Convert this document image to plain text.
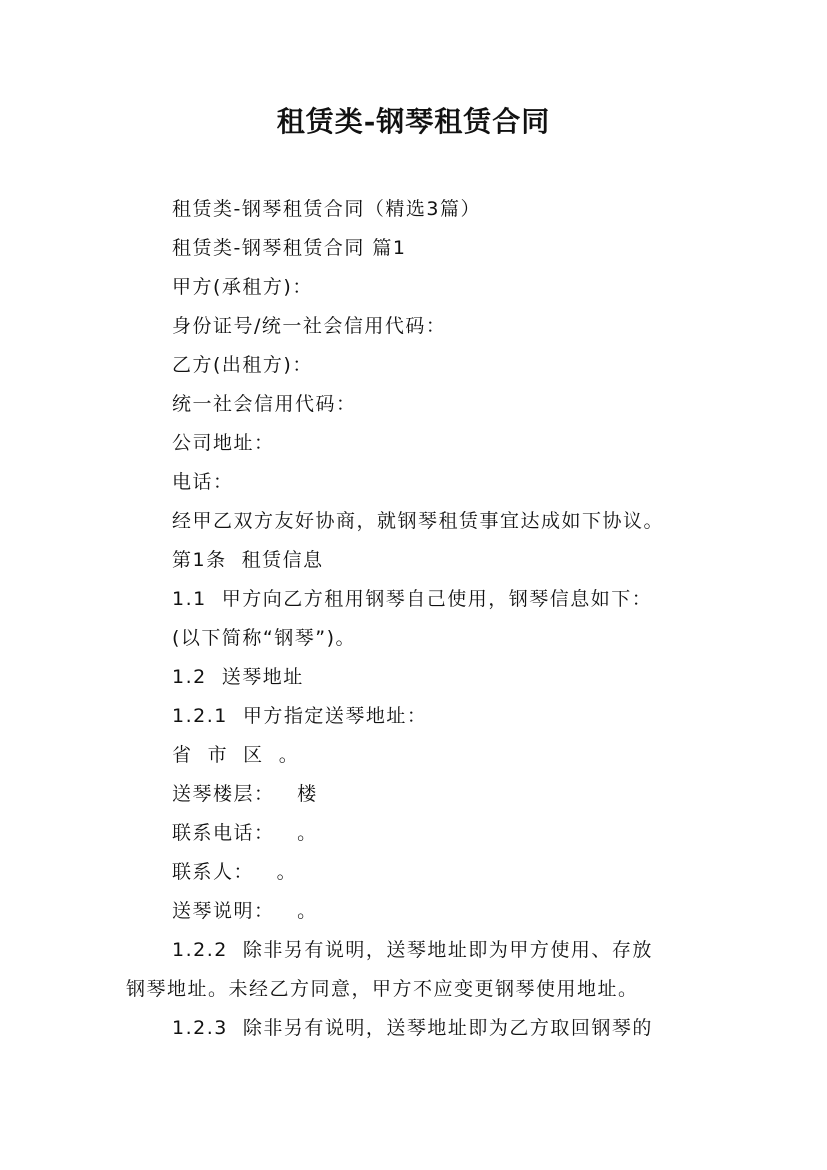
租赁类-钢琴租赁合同
租赁类-钢琴租赁合同（精选3篇）
租赁类-钢琴租赁合同 篇1
甲方(承租方)：
身份证号/统一社会信用代码：
乙方(出租方)：
统一社会信用代码：
公司地址：
电话：
经甲乙双方友好协商，就钢琴租赁事宜达成如下协议。
第1条  租赁信息
1.1  甲方向乙方租用钢琴自己使用，钢琴信息如下：
(以下简称“钢琴”)。
1.2  送琴地址
1.2.1  甲方指定送琴地址：
省  市  区  。
送琴楼层：   楼
联系电话：   。
联系人：   。
送琴说明：   。
1.2.2  除非另有说明，送琴地址即为甲方使用、存放
钢琴地址。未经乙方同意，甲方不应变更钢琴使用地址。
1.2.3  除非另有说明，送琴地址即为乙方取回钢琴的
